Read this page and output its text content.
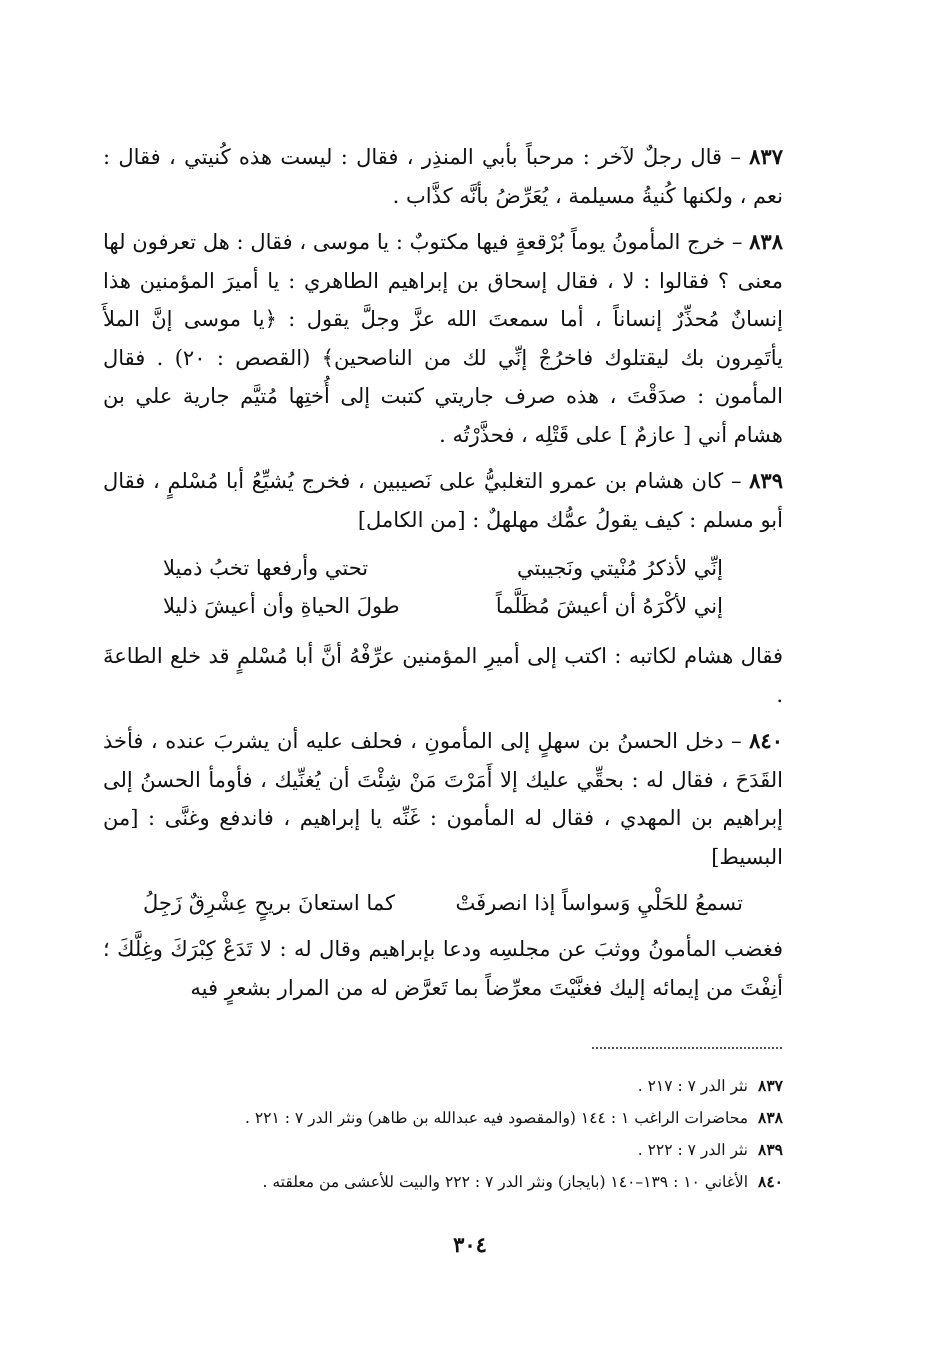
٨٣٧ – قال رجلٌ لآخر : مرحباً بأبي المنذِر ، فقال : ليست هذه كُنيتي ، فقال : نعم ، ولكنها كُنيةُ مسيلمة ، يُعَرِّضُ بأنَّه كذَّاب .

٨٣٨ – خرج المأمونُ يوماً بُرْقعةٍ فيها مكتوبٌ : يا موسى ، فقال : هل تعرفون لها معنى ؟ فقالوا : لا ، فقال إسحاق بن إبراهيم الطاهري : يا أميرَ المؤمنين هذا إنسانٌ مُحذِّرٌ إنساناً ، أما سمعتَ الله عزَّ وجلَّ يقول : ﴿يا موسى إنَّ الملأَ يأتَمِرون بك ليقتلوك فاخرُجْ إنِّي لك من الناصحين﴾ (القصص : ٢٠) . فقال المأمون : صدَقْتَ ، هذه صرف جاريتي كتبت إلى أُختِها مُتيَّم جارية علي بن هشام أني [ عازمٌ ] على قَتْلِه ، فحذَّرْتُه .

٨٣٩ – كان هشام بن عمرو التغلبيُّ على نَصيبين ، فخرج يُشيِّعُ أبا مُسْلمٍ ، فقال أبو مسلم : كيف يقولُ عمُّك مهلهلٌ : [من الكامل]

إنِّي لأذكرُ مُنْيتي ونَجيبتي
تحتي وأرفعها تخبُ ذميلا
إني لأكْرَهُ أن أعيشَ مُظَلَّماً
طولَ الحياةِ وأن أعيشَ ذليلا

فقال هشام لكاتبه : اكتب إلى أميرِ المؤمنين عرِّفْهُ أنَّ أبا مُسْلمٍ قد خلع الطاعةَ .

٨٤٠ – دخل الحسنُ بن سهلٍ إلى المأمونِ ، فحلف عليه أن يشربَ عنده ، فأخذ القَدَحَ ، فقال له : بحقِّي عليك إلا أَمَرْتَ مَنْ شِئْتَ أن يُغنِّيك ، فأومأ الحسنُ إلى إبراهيم بن المهدي ، فقال له المأمون : غَنِّه يا إبراهيم ، فاندفع وغنَّى : [من البسيط]

تسمعُ للحَلْيِ وَسواساً إذا انصرفَتْ
كما استعانَ بريحٍ عِشْرِقٌ زَجِلُ

فغضب المأمونُ ووثبَ عن مجلسِه ودعا بإبراهيم وقال له : لا تَدَعْ كِبْرَكَ وغِلَّكَ ؛ أنِفْتَ من إيمائه إليك فغنَّيْتَ معرِّضاً بما تَعرَّض له من المرار بشعرٍ فيه

٨٣٧نثر الدر ٧ : ٢١٧ .
٨٣٨محاضرات الراغب ١ : ١٤٤ (والمقصود فيه عبدالله بن طاهر) ونثر الدر ٧ : ٢٢١ .
٨٣٩نثر الدر ٧ : ٢٢٢ .
٨٤٠الأغاني ١٠ : ١٣٩–١٤٠ (بايجاز) ونثر الدر ٧ : ٢٢٢ والبيت للأعشى من معلقته .
٣٠٤
